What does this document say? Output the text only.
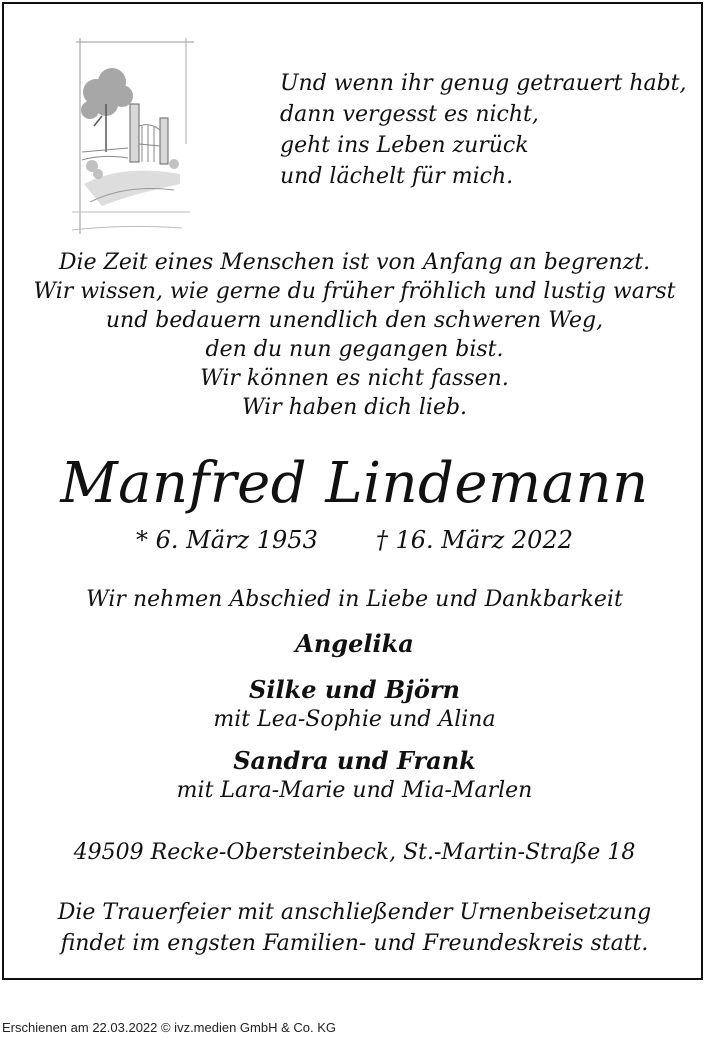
Und wenn ihr genug getrauert habt,
dann vergesst es nicht,
geht ins Leben zurück
und lächelt für mich.
Die Zeit eines Menschen ist von Anfang an begrenzt.
Wir wissen, wie gerne du früher fröhlich und lustig warst
und bedauern unendlich den schweren Weg,
den du nun gegangen bist.
Wir können es nicht fassen.
Wir haben dich lieb.
Manfred Lindemann
* 6. März 1953 † 16. März 2022
Wir nehmen Abschied in Liebe und Dankbarkeit
Angelika
Silke und Björn
mit Lea-Sophie und Alina
Sandra und Frank
mit Lara-Marie und Mia-Marlen
49509 Recke-Obersteinbeck, St.-Martin-Straße 18
Die Trauerfeier mit anschließender Urnenbeisetzung
findet im engsten Familien- und Freundeskreis statt.
Erschienen am 22.03.2022 © ivz.medien GmbH & Co. KG
